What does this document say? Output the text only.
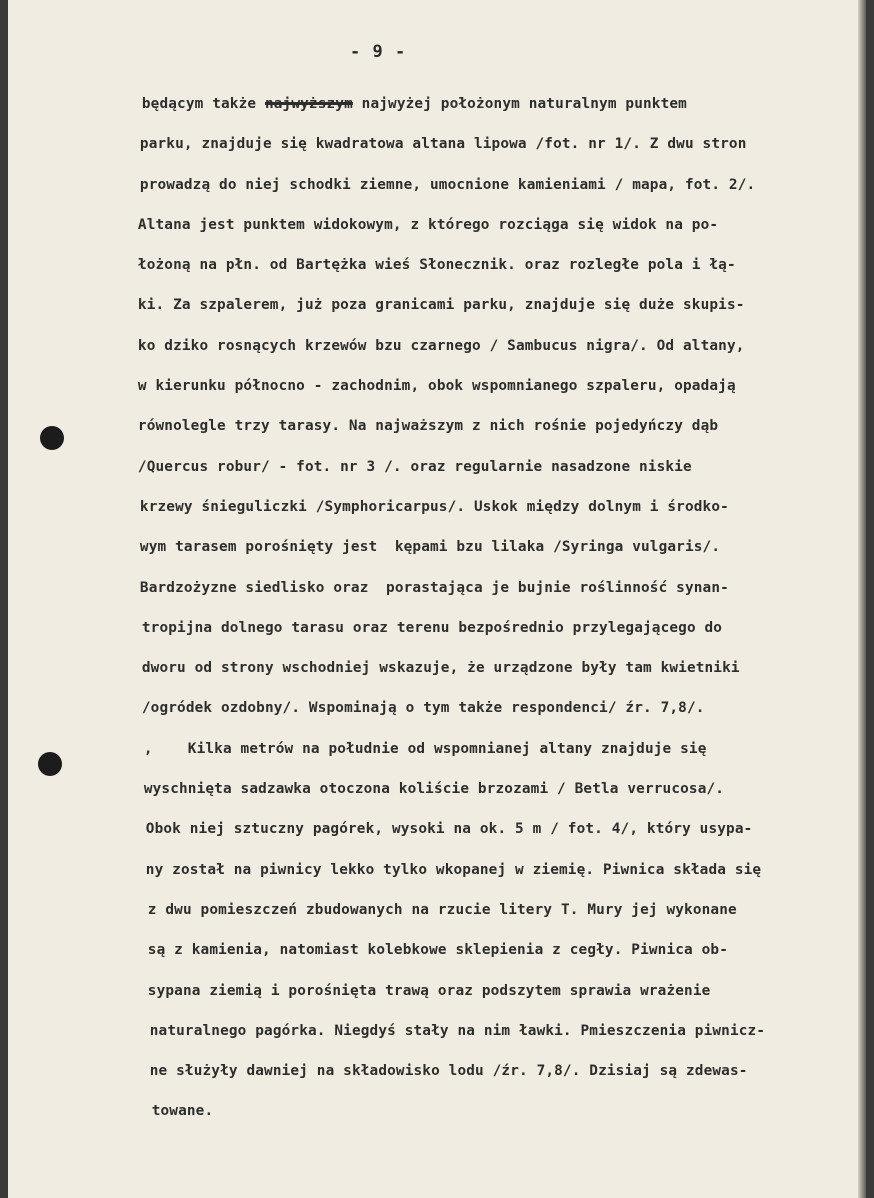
- 9 -
będącym także najwyższym najwyżej położonym naturalnym punktem
parku, znajduje się kwadratowa altana lipowa /fot. nr 1/. Z dwu stron
prowadzą do niej schodki ziemne, umocnione kamieniami / mapa, fot. 2/.
Altana jest punktem widokowym, z którego rozciąga się widok na po-
łożoną na płn. od Bartężka wieś Słonecznik. oraz rozległe pola i łą-
ki. Za szpalerem, już poza granicami parku, znajduje się duże skupis-
ko dziko rosnących krzewów bzu czarnego / Sambucus nigra/. Od altany,
w kierunku północno - zachodnim, obok wspomnianego szpaleru, opadają
równolegle trzy tarasy. Na najważszym z nich rośnie pojedyńczy dąb
/Quercus robur/ - fot. nr 3 /. oraz regularnie nasadzone niskie
krzewy śnieguliczki /Symphoricarpus/. Uskok między dolnym i środko-
wym tarasem porośnięty jest  kępami bzu lilaka /Syringa vulgaris/.
Bardzożyzne siedlisko oraz  porastająca je bujnie roślinność synan-
tropijna dolnego tarasu oraz terenu bezpośrednio przylegającego do
dworu od strony wschodniej wskazuje, że urządzone były tam kwietniki
/ogródek ozdobny/. Wspominają o tym także respondenci/ źr. 7,8/.
,    Kilka metrów na południe od wspomnianej altany znajduje się
wyschnięta sadzawka otoczona koliście brzozami / Betla verrucosa/.
Obok niej sztuczny pagórek, wysoki na ok. 5 m / fot. 4/, który usypa-
ny został na piwnicy lekko tylko wkopanej w ziemię. Piwnica składa się
z dwu pomieszczeń zbudowanych na rzucie litery T. Mury jej wykonane
są z kamienia, natomiast kolebkowe sklepienia z cegły. Piwnica ob-
sypana ziemią i porośnięta trawą oraz podszytem sprawia wrażenie
naturalnego pagórka. Niegdyś stały na nim ławki. Pmieszczenia piwnicz-
ne służyły dawniej na składowisko lodu /źr. 7,8/. Dzisiaj są zdewas-
towane.
